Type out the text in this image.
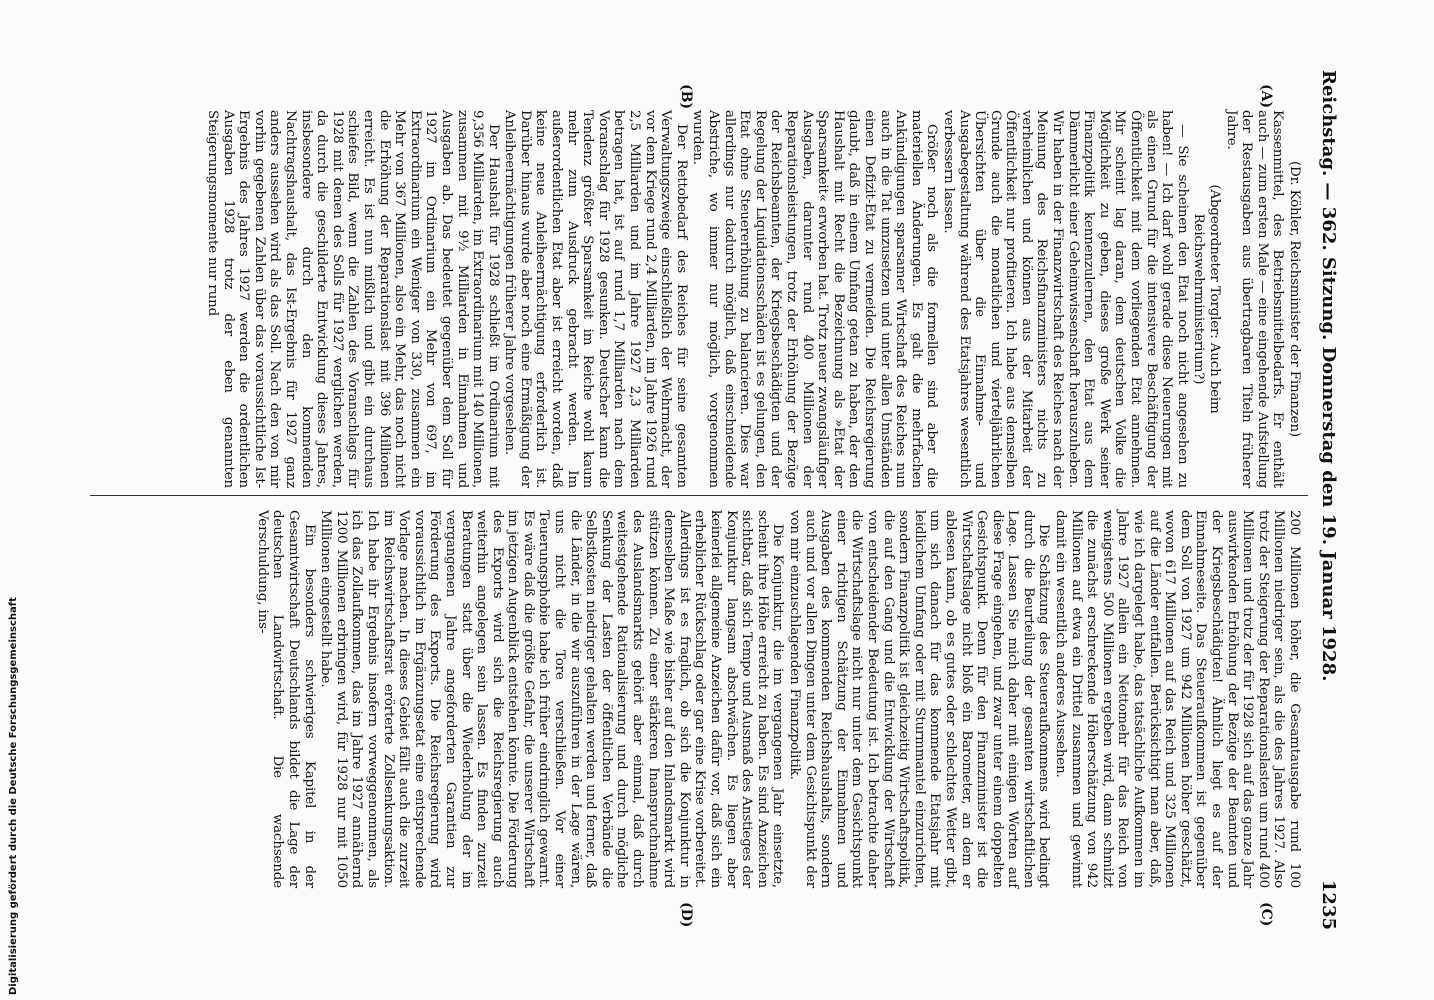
Reichstag. — 362. Sitzung. Donnerstag den 19. Januar 1928.
1235
(A)
(B)
(C)
(D)

(Dr. Köhler, Reichsminister der Finanzen)

Kassenmittel, des Betriebsmittelbedarfs. Er enthält auch — zum ersten Male — eine eingehende Aufstellung der Restausgaben aus übertragbaren Titeln früherer Jahre.

(Abgeordneter Torgler: Auch beim Reichswehrministerium?)

— Sie scheinen den Etat noch nicht angesehen zu haben! — Ich darf wohl gerade diese Neuerungen mit als einen Grund für die intensivere Beschäftigung der Öffentlichkeit mit dem vorliegenden Etat annehmen. Mir scheint lag daran, dem deutschen Volke die Möglichkeit zu geben, dieses große Werk seiner Finanzpolitik kennenzulernen, den Etat aus dem Dämmerlicht einer Geheimwissenschaft herauszuheben. Wir haben in der Finanzwirtschaft des Reiches nach der Meinung des Reichsfinanzministers nichts zu verheimlichen und können aus der Mitarbeit der Öffentlichkeit nur profitieren. Ich habe aus demselben Grunde auch die monatlichen und vierteljährlichen Übersichten über die Einnahme- und Ausgabegestaltung während des Etatsjahres wesentlich verbessern lassen.

Größer noch als die formellen sind aber die materiellen Änderungen. Es galt die mehrfachen Ankündigungen sparsamer Wirtschaft des Reiches nun auch in die Tat umzusetzen und unter allen Umständen einen Defizit-Etat zu vermeiden. Die Reichsregierung glaubt, daß in einem Umfang getan zu haben, der den Haushalt mit Recht die Bezeichnung als »Etat der Sparsamkeit« erworben hat. Trotz neuer zwangsläufiger Ausgaben, darunter rund 400 Millionen der Reparationsleistungen, trotz der Erhöhung der Bezüge der Reichsbeamten, der Kriegsbeschädigten und der Regelung der Liquidationsschäden ist es gelungen, den Etat ohne Steuererhöhung zu balancieren. Dies war allerdings nur dadurch möglich, daß einschneidende Abstriche, wo immer nur möglich, vorgenommen wurden.

Der Rettobedarf des Reiches für seine gesamten Verwaltungszweige einschließlich der Wehrmacht, der vor dem Kriege rund 2,4 Milliarden, im Jahre 1926 rund 2,5 Milliarden und im Jahre 1927 2,3 Milliarden betragen hat, ist auf rund 1,7 Milliarden nach dem Voranschlag für 1928 gesunken. Deutscher kann die Tendenz größter Sparsamkeit im Reiche wohl kaum mehr zum Ausdruck gebracht werden. Im außerordentlichen Etat aber ist erreicht worden, daß keine neue Anleiheermächtigung erforderlich ist. Darüber hinaus wurde aber noch eine Ermäßigung der Anleiheermächtigungen früherer Jahre vorgesehen.

Der Haushalt für 1928 schließt im Ordinarium mit 9,356 Milliarden, im Extraordinarium mit 140 Millionen, zusammen mit 9½ Milliarden in Einnahmen und Ausgaben ab. Das bedeutet gegenüber dem Soll für 1927 im Ordinarium ein Mehr von 697, im Extraordinarium ein Weniger von 330, zusammen ein Mehr von 367 Millionen, also ein Mehr, das noch nicht die Erhöhung der Reparationslast mit 396 Millionen erreicht. Es ist nun mißlich und gibt ein durchaus schiefes Bild, wenn die Zahlen des Voranschlags für 1928 mit denen des Solls für 1927 verglichen werden, da durch die geschilderte Entwicklung dieses Jahres, insbesondere durch den kommenden Nachtragshaushalt, das Ist-Ergebnis für 1927 ganz anders aussehen wird als das Soll. Nach den von mir vorhin gegebenen Zahlen über das voraussichtliche Ist-Ergebnis des Jahres 1927 werden die ordentlichen Ausgaben 1928 trotz der eben genannten Steigerungsmomente nur rund

200 Millionen höher, die Gesamtausgabe rund 100 Millionen niedriger sein, als die des Jahres 1927. Also trotz der Steigerung der Reparationslasten um rund 400 Millionen und trotz der für 1928 sich auf das ganze Jahr auswirkenden Erhöhung der Bezüge der Beamten und der Kriegsbeschädigten! Ähnlich liegt es auf der Einnahmeseite. Das Steueraufkommen ist gegenüber dem Soll von 1927 um 942 Millionen höher geschätzt, wovon 617 Millionen auf das Reich und 325 Millionen auf die Länder entfallen. Berücksichtigt man aber, daß, wie ich dargelegt habe, das tatsächliche Aufkommen im Jahre 1927 allein ein Nettomehr für das Reich von wenigstens 500 Millionen ergeben wird, dann schmilzt die zunächst erschreckende Höherschätzung von 942 Millionen auf etwa ein Drittel zusammen und gewinnt damit ein wesentlich anderes Aussehen.

Die Schätzung des Steueraufkommens wird bedingt durch die Beurteilung der gesamten wirtschaftlichen Lage. Lassen Sie mich daher mit einigen Worten auf diese Frage eingehen, und zwar unter einem doppelten Gesichtspunkt. Denn für den Finanzminister ist die Wirtschaftslage nicht bloß ein Barometer, an dem er ablesen kann, ob es gutes oder schlechtes Wetter gibt, um sich danach für das kommende Etatsjahr mit leidlichem Umfang oder mit Sturmmantel einzurichten, sondern Finanzpolitik ist gleichzeitig Wirtschaftspolitik, die auf den Gang und die Entwicklung der Wirtschaft von entscheidender Bedeutung ist. Ich betrachte daher die Wirtschaftslage nicht nur unter dem Gesichtspunkt einer richtigen Schätzung der Einnahmen und Ausgaben des kommenden Reichshaushalts, sondern auch und vor allen Dingen unter dem Gesichtspunkt der von mir einzuschlagenden Finanzpolitik.

Die Konjunktur, die im vergangenen Jahr einsetzte, scheint ihre Höhe erreicht zu haben. Es sind Anzeichen sichtbar, daß sich Tempo und Ausmaß des Anstieges der Konjunktur langsam abschwächen. Es liegen aber keinerlei allgemeine Anzeichen dafür vor, daß sich ein erheblicher Rückschlag oder gar eine Krise vorbereitet. Allerdings ist es fraglich, ob sich die Konjunktur in demselben Maße wie bisher auf den Inlandsmarkt wird stützen können. Zu einer stärkeren Inanspruchnahme des Auslandsmarkts gehört aber einmal, daß durch weitestgehende Rationalisierung und durch mögliche Senkung der Lasten der öffentlichen Verbände die Selbstkosten niedriger gehalten werden und ferner, daß die Länder, in die wir auszuführen in der Lage wären, uns nicht die Tore verschließen. Vor einer Teuerungsphobie habe ich früher eindringlich gewarnt. Es wäre daß die größte Gefahr, die unserer Wirtschaft im jetzigen Augenblick entstehen könnte. Die Förderung des Exports wird sich die Reichsregierung auch weiterhin angelegen sein lassen. Es finden zurzeit Beratungen statt über die Wiederholung der im vergangenen Jahre angeforderten Garantien zur Förderung des Exports. Die Reichsregierung wird voraussichtlich im Ergänzungsetat eine entsprechende Vorlage machen. In dieses Gebiet fällt auch die zurzeit im Reichswirtschaftsrat erörterte Zollsenkungsaktion. Ich habe ihr Ergebnis insofern vorweggenommen, als ich das Zollaufkommen, das im Jahre 1927 annähernd 1200 Millionen erbringen wird, für 1928 nur mit 1050 Millionen eingestellt habe.

Ein besonders schwieriges Kapitel in der Gesamtwirtschaft Deutschlands bildet die Lage der deutschen Landwirtschaft. Die wachsende Verschuldung, ins-

Digitalisierung gefördert durch die Deutsche Forschungsgemeinschaft
